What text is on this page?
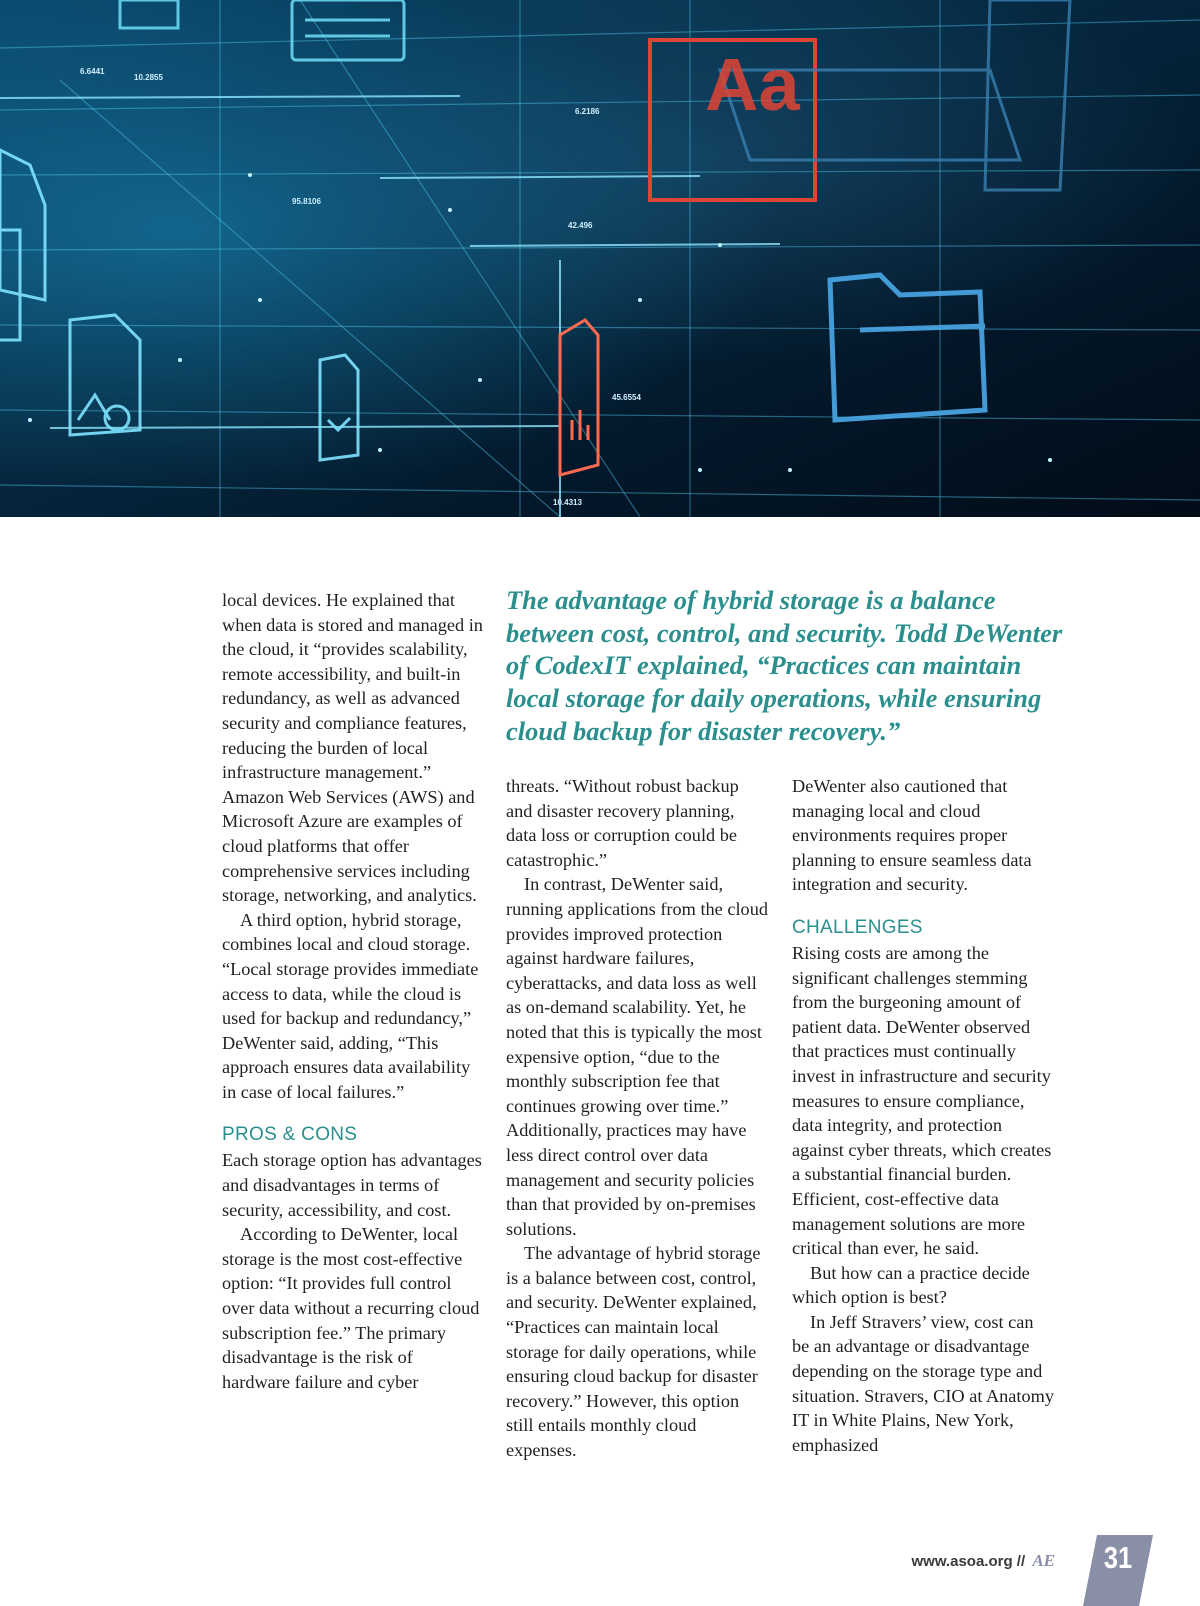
Aa
6.6441
10.2855
6.2186
95.8106
42.496
45.6554
10.4313

The advantage of hybrid storage is a balance between cost, control, and security. Todd DeWenter of CodexIT explained, “Practices can maintain local storage for daily operations, while ensuring cloud backup for disaster recovery.”

local devices. He explained that when data is stored and managed in the cloud, it “provides scalability, remote accessibility, and built-in redundancy, as well as advanced security and compliance features, reducing the burden of local infrastructure management.” Amazon Web Services (AWS) and Microsoft Azure are examples of cloud platforms that offer comprehensive services including storage, networking, and analytics.

A third option, hybrid storage, combines local and cloud storage. “Local storage provides immediate access to data, while the cloud is used for backup and redundancy,” DeWenter said, adding, “This approach ensures data availability in case of local failures.”

PROS & CONS

Each storage option has advantages and disadvantages in terms of security, accessibility, and cost.

According to DeWenter, local storage is the most cost-effective option: “It provides full control over data without a recurring cloud subscription fee.” The primary disadvantage is the risk of hardware failure and cyber

threats. “Without robust backup and disaster recovery planning, data loss or corruption could be catastrophic.”

In contrast, DeWenter said, running applications from the cloud provides improved protection against hardware failures, cyberattacks, and data loss as well as on-demand scalability. Yet, he noted that this is typically the most expensive option, “due to the monthly subscription fee that continues growing over time.” Additionally, practices may have less direct control over data management and security policies than that provided by on-premises solutions.

The advantage of hybrid storage is a balance between cost, control, and security. DeWenter explained, “Practices can maintain local storage for daily operations, while ensuring cloud backup for disaster recovery.” However, this option still entails monthly cloud expenses.

DeWenter also cautioned that managing local and cloud environments requires proper planning to ensure seamless data integration and security.

CHALLENGES

Rising costs are among the significant challenges stemming from the burgeoning amount of patient data. DeWenter observed that practices must continually invest in infrastructure and security measures to ensure compliance, data integrity, and protection against cyber threats, which creates a substantial financial burden. Efficient, cost-effective data management solutions are more critical than ever, he said.

But how can a practice decide which option is best?

In Jeff Stravers’ view, cost can be an advantage or disadvantage depending on the storage type and situation. Stravers, CIO at Anatomy IT in White Plains, New York, emphasized

www.asoa.org // AE 31
